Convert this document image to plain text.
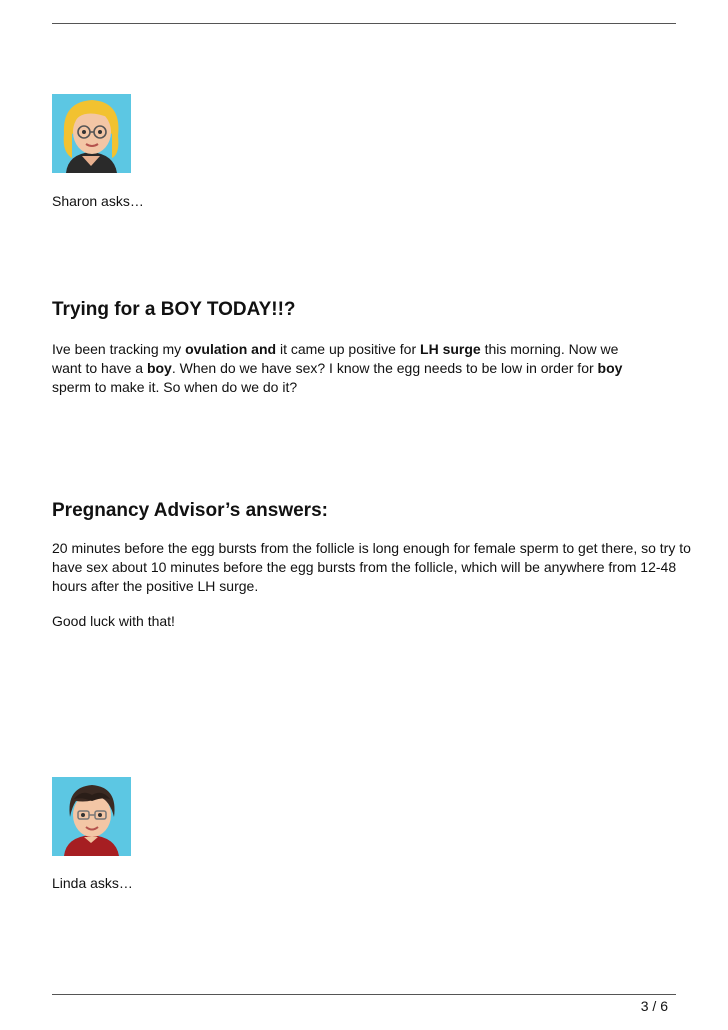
Sharon asks…
Trying for a BOY TODAY!!?
Ive been tracking my ovulation and it came up positive for LH surge this morning. Now we want to have a boy. When do we have sex? I know the egg needs to be low in order for boy sperm to make it. So when do we do it?
Pregnancy Advisor’s answers:

20 minutes before the egg bursts from the follicle is long enough for female sperm to get there, so try to have sex about 10 minutes before the egg bursts from the follicle, which will be anywhere from 12-48 hours after the positive LH surge.

Good luck with that!

Linda asks…
3 / 6
